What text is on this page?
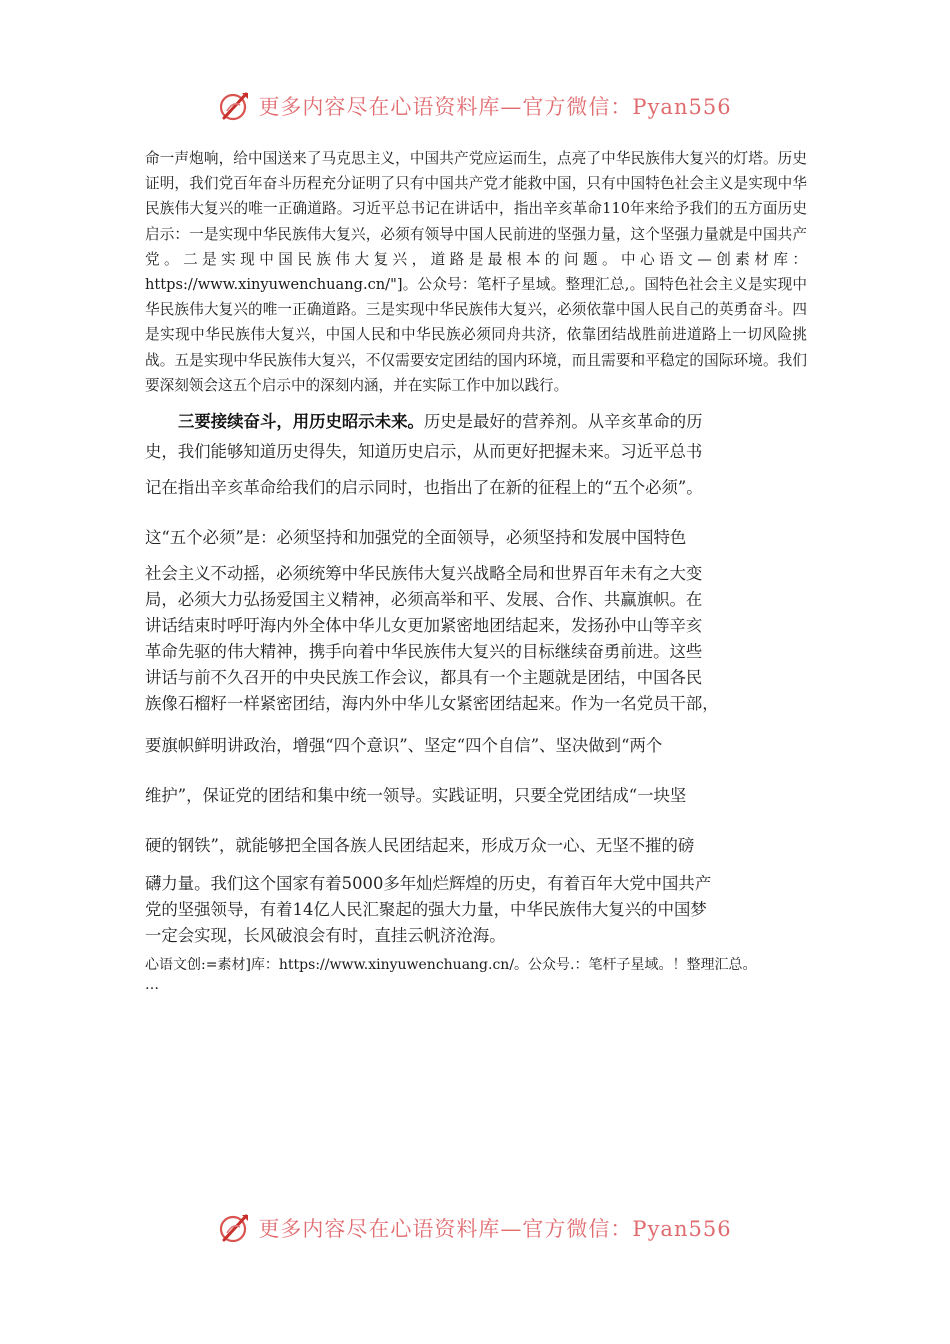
更多内容尽在心语资料库—官方微信：Pyan556

命一声炮响，给中国送来了马克思主义，中国共产党应运而生，点亮了中华民族伟大复兴的灯塔。历史证明，我们党百年奋斗历程充分证明了只有中国共产党才能救中国，只有中国特色社会主义是实现中华民族伟大复兴的唯一正确道路。习近平总书记在讲话中，指出辛亥革命110年来给予我们的五方面历史启示：一是实现中华民族伟大复兴，必须有领导中国人民前进的坚强力量，这个坚强力量就是中国共产党。二是实现中国民族伟大复兴，道路是最根本的问题。中心语文—创素材库：https://www.xinyuwenchuang.cn/"]。公众号：笔杆子星域。整理汇总,。国特色社会主义是实现中华民族伟大复兴的唯一正确道路。三是实现中华民族伟大复兴，必须依靠中国人民自己的英勇奋斗。四是实现中华民族伟大复兴，中国人民和中华民族必须同舟共济，依靠团结战胜前进道路上一切风险挑战。五是实现中华民族伟大复兴，不仅需要安定团结的国内环境，而且需要和平稳定的国际环境。我们要深刻领会这五个启示中的深刻内涵，并在实际工作中加以践行。

三要接续奋斗，用历史昭示未来。历史是最好的营养剂。从辛亥革命的历
史，我们能够知道历史得失，知道历史启示，从而更好把握未来。习近平总书
记在指出辛亥革命给我们的启示同时，也指出了在新的征程上的“五个必须”。
这“五个必须”是：必须坚持和加强党的全面领导，必须坚持和发展中国特色
社会主义不动摇，必须统筹中华民族伟大复兴战略全局和世界百年未有之大变
局，必须大力弘扬爱国主义精神，必须高举和平、发展、合作、共赢旗帜。在
讲话结束时呼吁海内外全体中华儿女更加紧密地团结起来，发扬孙中山等辛亥
革命先驱的伟大精神，携手向着中华民族伟大复兴的目标继续奋勇前进。这些
讲话与前不久召开的中央民族工作会议，都具有一个主题就是团结，中国各民
族像石榴籽一样紧密团结，海内外中华儿女紧密团结起来。作为一名党员干部，
要旗帜鲜明讲政治，增强“四个意识”、坚定“四个自信”、坚决做到“两个
维护”，保证党的团结和集中统一领导。实践证明，只要全党团结成“一块坚
硬的钢铁”，就能够把全国各族人民团结起来，形成万众一心、无坚不摧的磅
礴力量。我们这个国家有着5000多年灿烂辉煌的历史，有着百年大党中国共产
党的坚强领导，有着14亿人民汇聚起的强大力量，中华民族伟大复兴的中国梦
一定会实现，长风破浪会有时，直挂云帆济沧海。

心语文创:=素材]库：https://www.xinyuwenchuang.cn/。公众号.：笔杆子星域。！整理汇总。

…

更多内容尽在心语资料库—官方微信：Pyan556
